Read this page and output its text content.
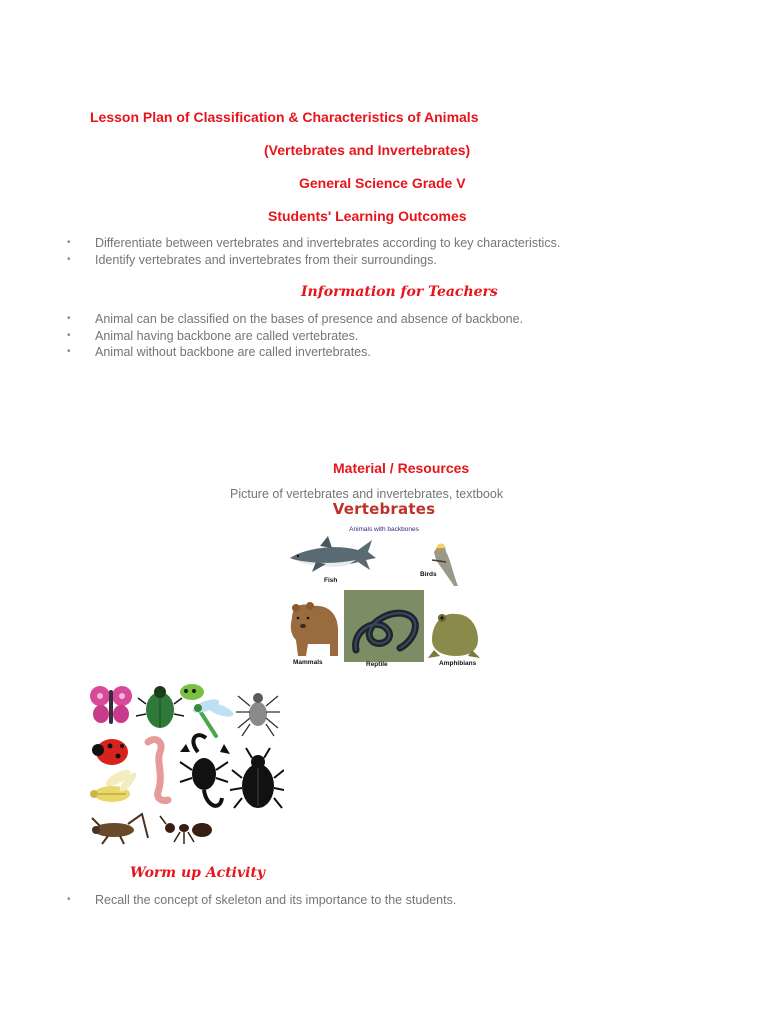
Lesson Plan of Classification & Characteristics of Animals
(Vertebrates and Invertebrates)
General Science Grade V
Students' Learning Outcomes
• Differentiate between vertebrates and invertebrates according to key characteristics.
• Identify vertebrates and invertebrates from their surroundings.
Information for Teachers
• Animal can be classified on the bases of presence and absence of backbone.
• Animal having backbone are called vertebrates.
• Animal without backbone are called invertebrates.
Material / Resources
Picture of vertebrates and invertebrates, textbook
Vertebrates
Animals with backbones
Fish
Birds
Mammals	Reptile	Amphibians
Worm up Activity
• Recall the concept of skeleton and its importance to the students.
